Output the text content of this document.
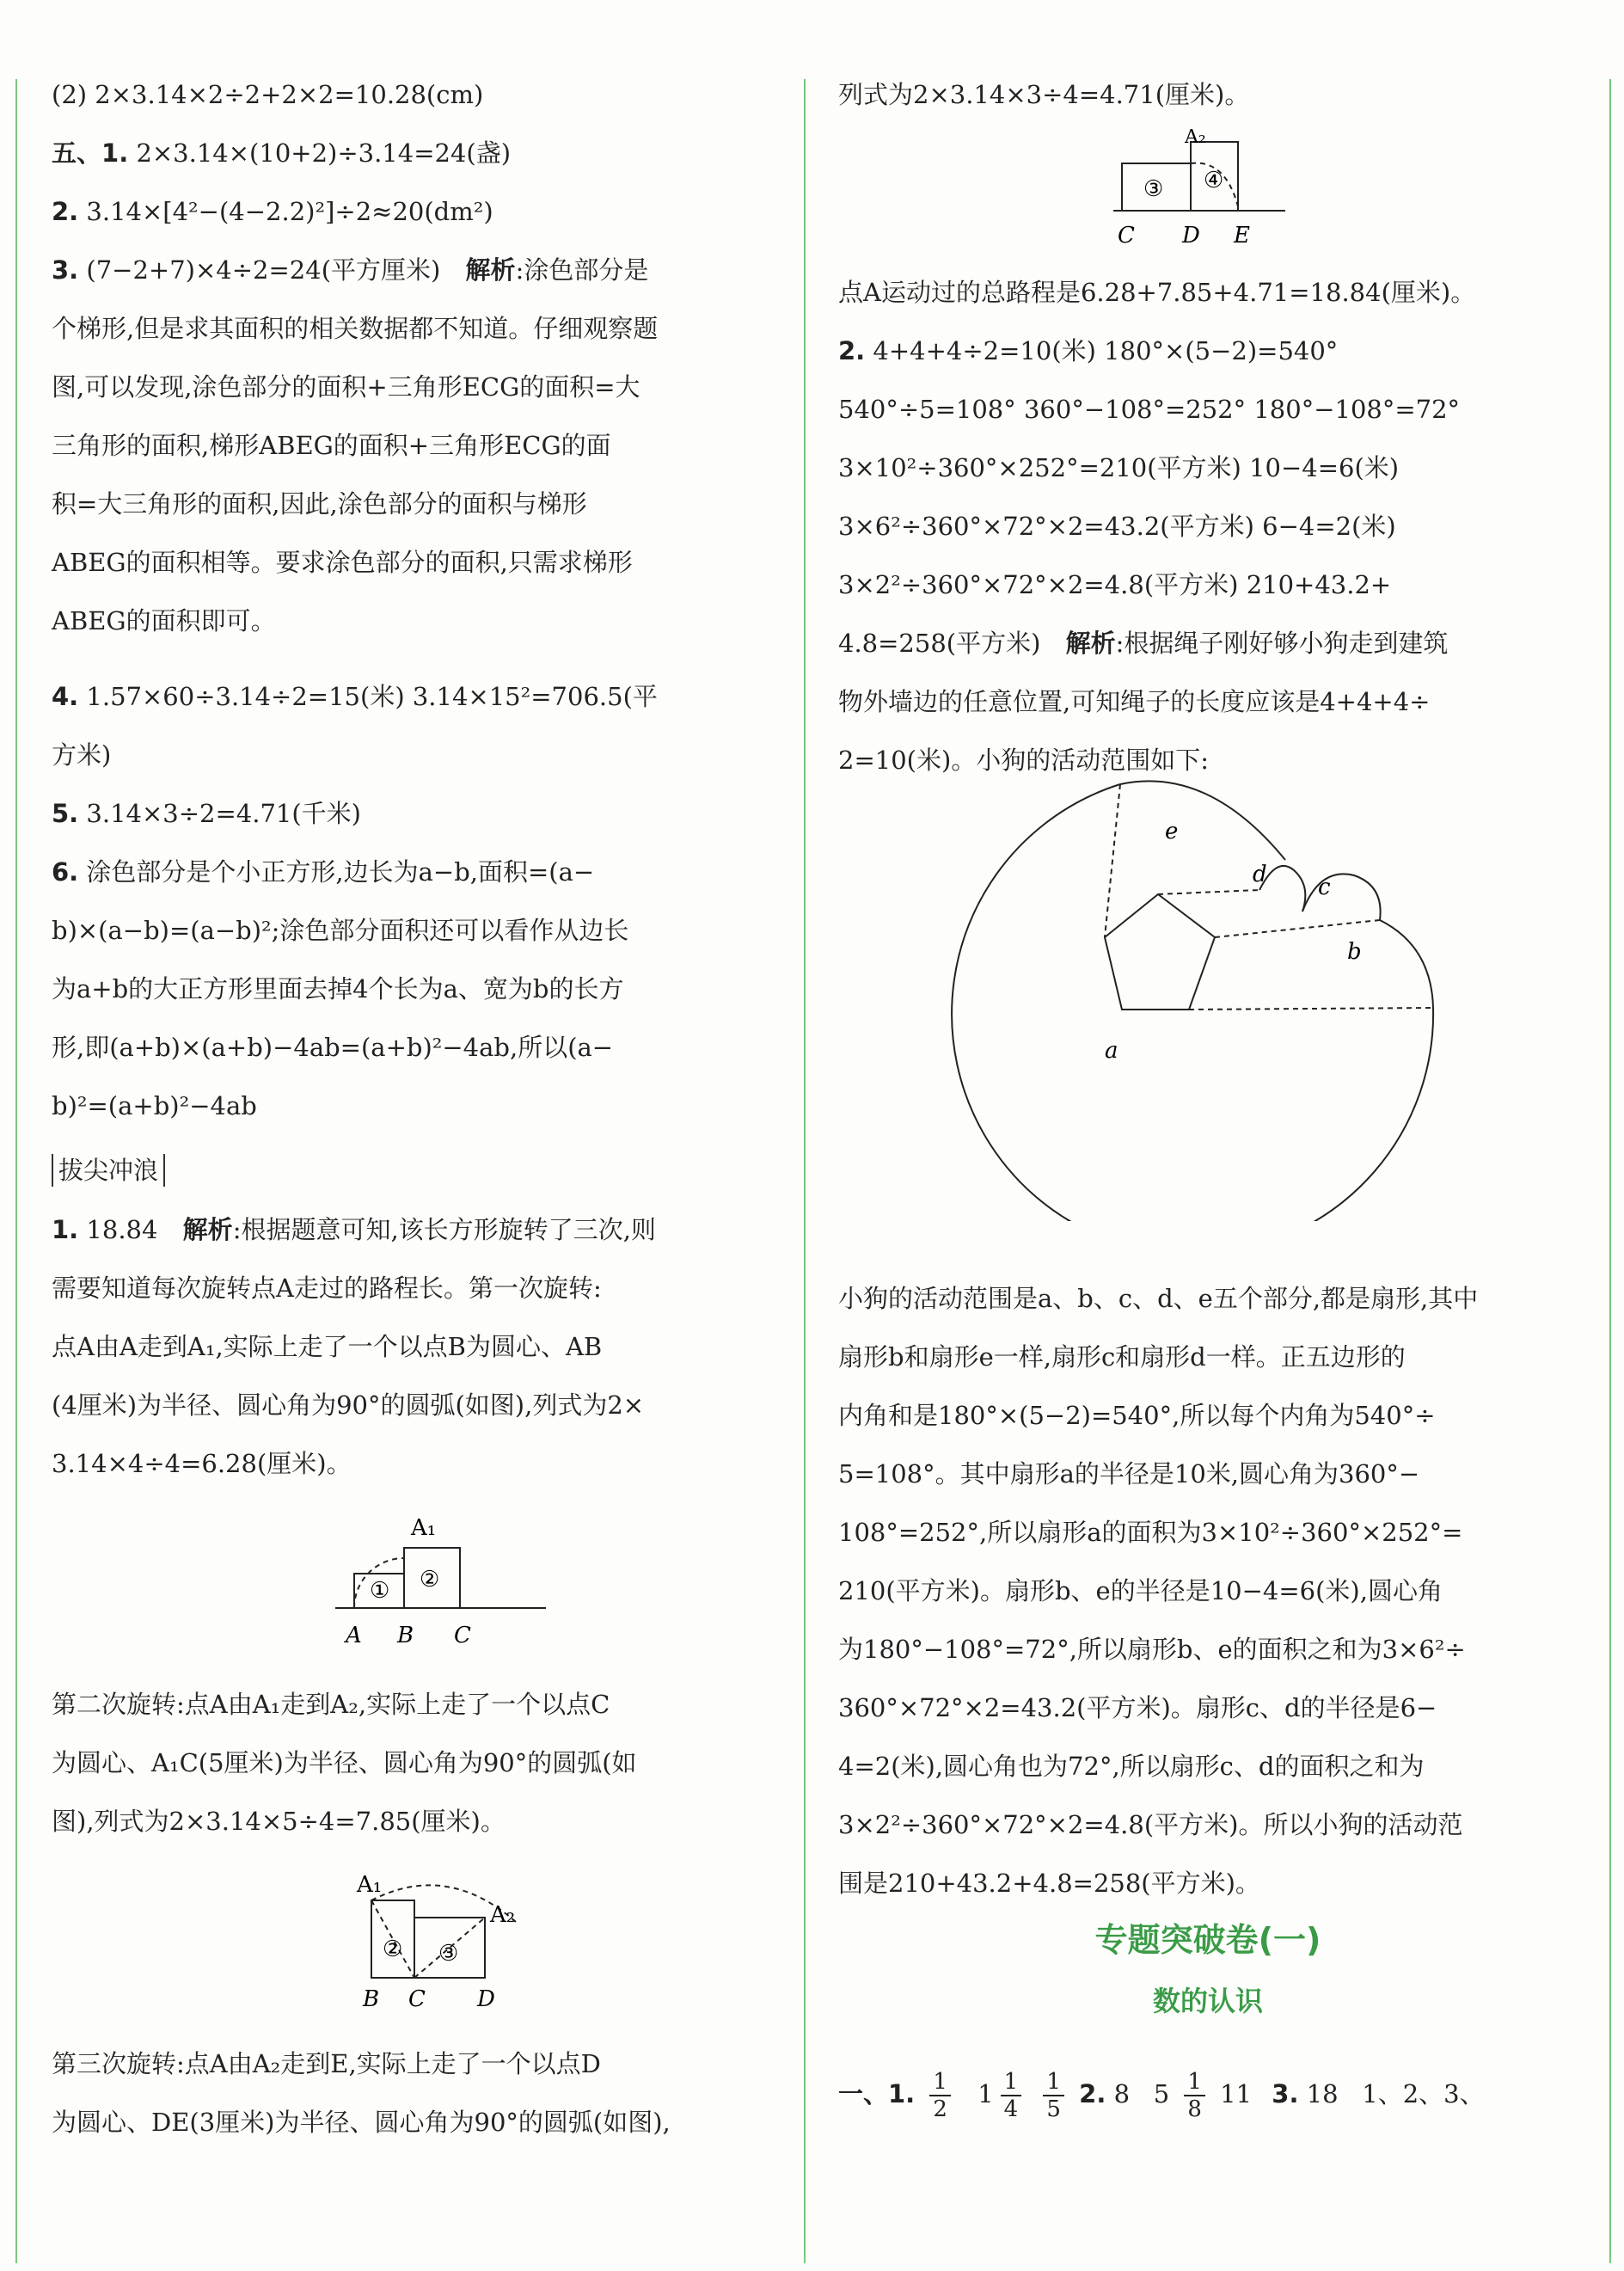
(2) 2×3.14×2÷2+2×2=10.28(cm)
五、1. 2×3.14×(10+2)÷3.14=24(盏)
2. 3.14×[4²−(4−2.2)²]÷2≈20(dm²)
3. (7−2+7)×4÷2=24(平方厘米) 解析:涂色部分是
个梯形,但是求其面积的相关数据都不知道。仔细观察题
图,可以发现,涂色部分的面积+三角形ECG的面积=大
三角形的面积,梯形ABEG的面积+三角形ECG的面
积=大三角形的面积,因此,涂色部分的面积与梯形
ABEG的面积相等。要求涂色部分的面积,只需求梯形
ABEG的面积即可。
4. 1.57×60÷3.14÷2=15(米) 3.14×15²=706.5(平
方米)
5. 3.14×3÷2=4.71(千米)
6. 涂色部分是个小正方形,边长为a−b,面积=(a−
b)×(a−b)=(a−b)²;涂色部分面积还可以看作从边长
为a+b的大正方形里面去掉4个长为a、宽为b的长方
形,即(a+b)×(a+b)−4ab=(a+b)²−4ab,所以(a−
b)²=(a+b)²−4ab
拔尖冲浪
1. 18.84 解析:根据题意可知,该长方形旋转了三次,则
需要知道每次旋转点A走过的路程长。第一次旋转:
点A由A走到A₁,实际上走了一个以点B为圆心、AB
(4厘米)为半径、圆心角为90°的圆弧(如图),列式为2×
3.14×4÷4=6.28(厘米)。
A₁
① ②
A B C
第二次旋转:点A由A₁走到A₂,实际上走了一个以点C
为圆心、A₁C(5厘米)为半径、圆心角为90°的圆弧(如
图),列式为2×3.14×5÷4=7.85(厘米)。
A₁
A₂
② ③
B C D
第三次旋转:点A由A₂走到E,实际上走了一个以点D
为圆心、DE(3厘米)为半径、圆心角为90°的圆弧(如图),
列式为2×3.14×3÷4=4.71(厘米)。
A₂
③ ④
C D E
点A运动过的总路程是6.28+7.85+4.71=18.84(厘米)。
2. 4+4+4÷2=10(米) 180°×(5−2)=540°
540°÷5=108° 360°−108°=252° 180°−108°=72°
3×10²÷360°×252°=210(平方米) 10−4=6(米)
3×6²÷360°×72°×2=43.2(平方米) 6−4=2(米)
3×2²÷360°×72°×2=4.8(平方米) 210+43.2+
4.8=258(平方米) 解析:根据绳子刚好够小狗走到建筑
物外墙边的任意位置,可知绳子的长度应该是4+4+4÷
2=10(米)。小狗的活动范围如下:
e
d c
b
a
小狗的活动范围是a、b、c、d、e五个部分,都是扇形,其中
扇形b和扇形e一样,扇形c和扇形d一样。正五边形的
内角和是180°×(5−2)=540°,所以每个内角为540°÷
5=108°。其中扇形a的半径是10米,圆心角为360°−
108°=252°,所以扇形a的面积为3×10²÷360°×252°=
210(平方米)。扇形b、e的半径是10−4=6(米),圆心角
为180°−108°=72°,所以扇形b、e的面积之和为3×6²÷
360°×72°×2=43.2(平方米)。扇形c、d的半径是6−
4=2(米),圆心角也为72°,所以扇形c、d的面积之和为
3×2²÷360°×72°×2=4.8(平方米)。所以小狗的活动范
围是210+43.2+4.8=258(平方米)。
专题突破卷(一)
数的认识
一、1. $\frac{1}{2} 1 \frac{1}{4}$
$\frac{1}{5} 2$. 8   $5 \frac{1}{8} 11$ 3. 18   1、2、3、
